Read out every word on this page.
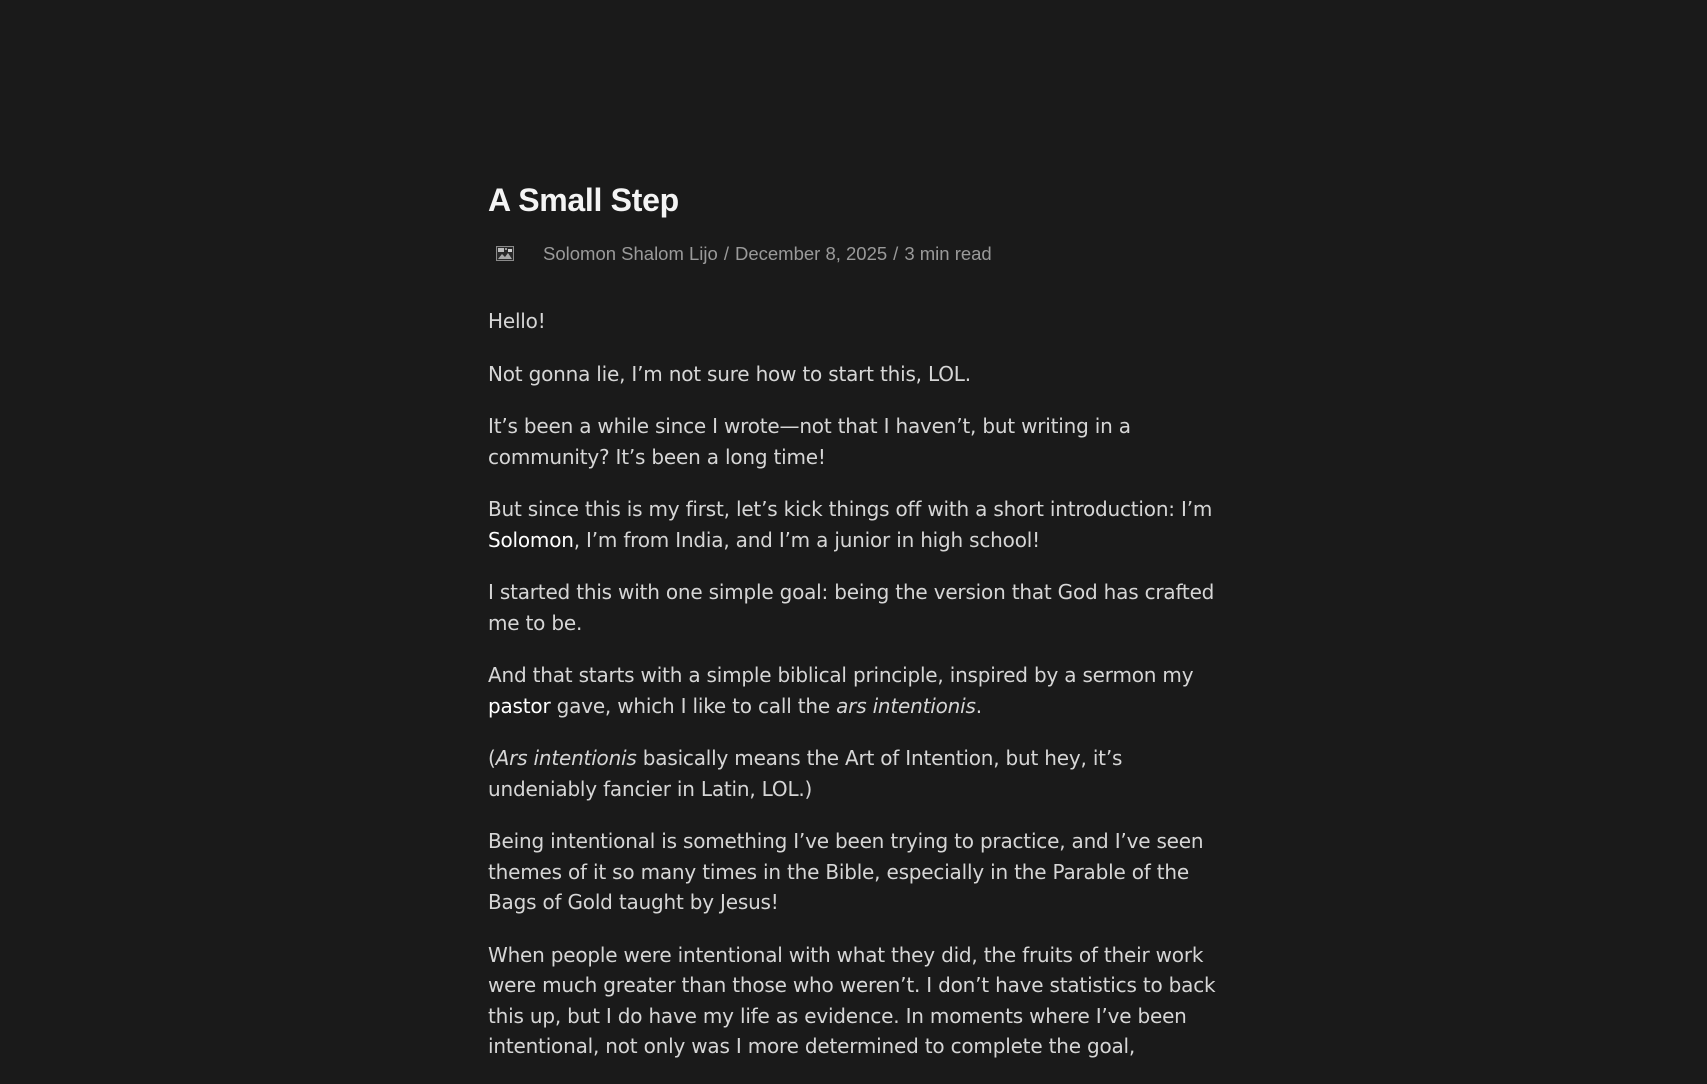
A Small Step
Solomon Shalom Lijo / December 8, 2025 / 3 min read

Hello!

Not gonna lie, I’m not sure how to start this, LOL.

It’s been a while since I wrote—not that I haven’t, but writing in a community? It’s been a long time!

But since this is my first, let’s kick things off with a short introduction: I’m Solomon, I’m from India, and I’m a junior in high school!

I started this with one simple goal: being the version that God has crafted me to be.

And that starts with a simple biblical principle, inspired by a sermon my pastor gave, which I like to call the ars intentionis.

(Ars intentionis basically means the Art of Intention, but hey, it’s undeniably fancier in Latin, LOL.)

Being intentional is something I’ve been trying to practice, and I’ve seen themes of it so many times in the Bible, especially in the Parable of the Bags of Gold taught by Jesus!

When people were intentional with what they did, the fruits of their work were much greater than those who weren’t. I don’t have statistics to back this up, but I do have my life as evidence. In moments where I’ve been intentional, not only was I more determined to complete the goal,
